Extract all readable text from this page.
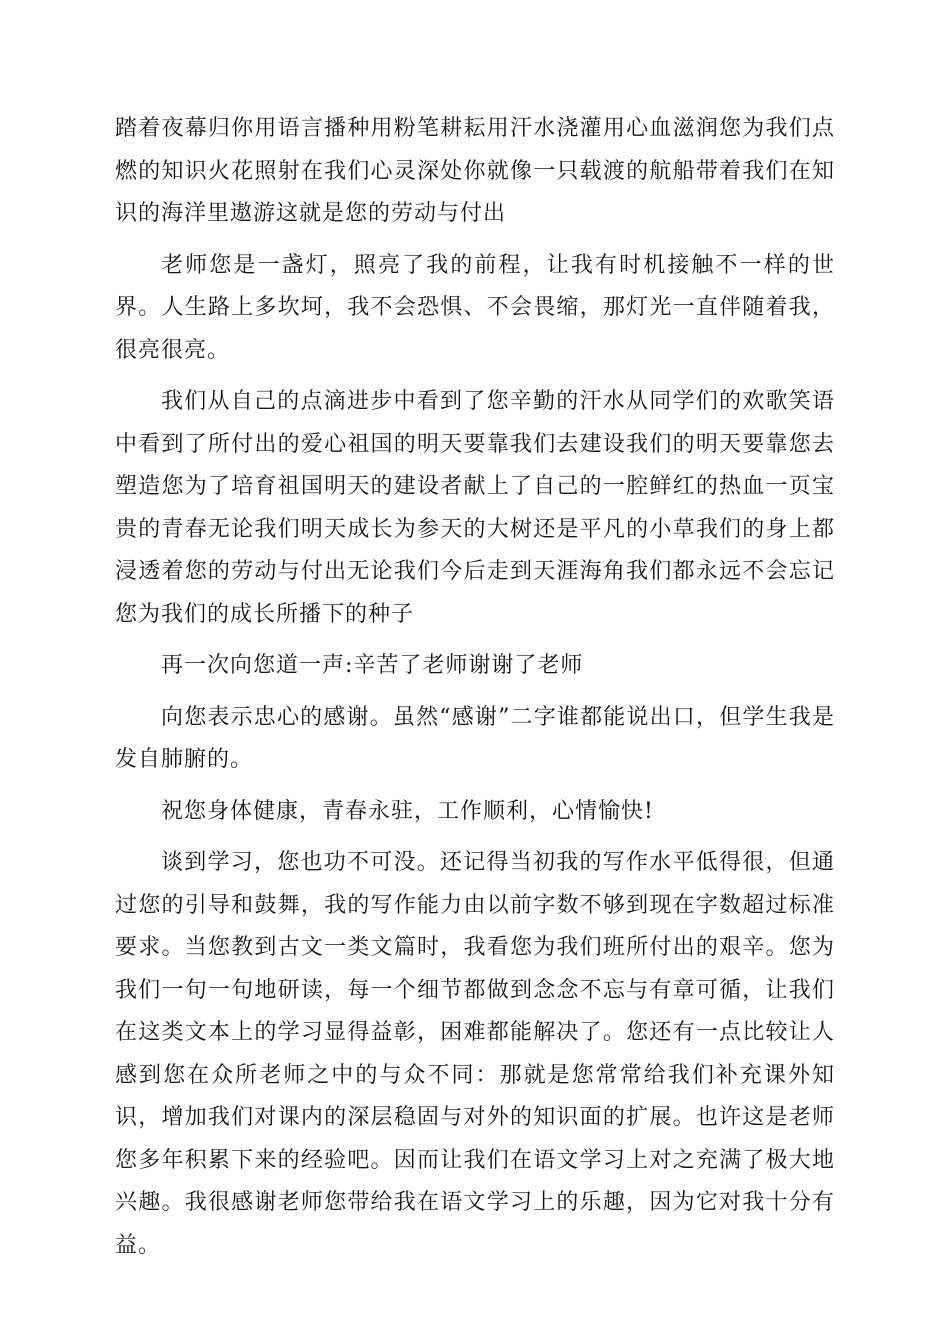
踏着夜幕归你用语言播种用粉笔耕耘用汗水浇灌用心血滋润您为我们点燃的知识火花照射在我们心灵深处你就像一只载渡的航船带着我们在知识的海洋里遨游这就是您的劳动与付出

老师您是一盏灯，照亮了我的前程，让我有时机接触不一样的世界。人生路上多坎坷，我不会恐惧、不会畏缩，那灯光一直伴随着我，很亮很亮。

我们从自己的点滴进步中看到了您辛勤的汗水从同学们的欢歌笑语中看到了所付出的爱心祖国的明天要靠我们去建设我们的明天要靠您去塑造您为了培育祖国明天的建设者献上了自己的一腔鲜红的热血一页宝贵的青春无论我们明天成长为参天的大树还是平凡的小草我们的身上都浸透着您的劳动与付出无论我们今后走到天涯海角我们都永远不会忘记您为我们的成长所播下的种子

再一次向您道一声:辛苦了老师谢谢了老师

向您表示忠心的感谢。虽然“感谢”二字谁都能说出口，但学生我是发自肺腑的。

祝您身体健康，青春永驻，工作顺利，心情愉快!

谈到学习，您也功不可没。还记得当初我的写作水平低得很，但通过您的引导和鼓舞，我的写作能力由以前字数不够到现在字数超过标准要求。当您教到古文一类文篇时，我看您为我们班所付出的艰辛。您为我们一句一句地研读，每一个细节都做到念念不忘与有章可循，让我们在这类文本上的学习显得益彰，困难都能解决了。您还有一点比较让人感到您在众所老师之中的与众不同：那就是您常常给我们补充课外知识，增加我们对课内的深层稳固与对外的知识面的扩展。也许这是老师您多年积累下来的经验吧。因而让我们在语文学习上对之充满了极大地兴趣。我很感谢老师您带给我在语文学习上的乐趣，因为它对我十分有益。
